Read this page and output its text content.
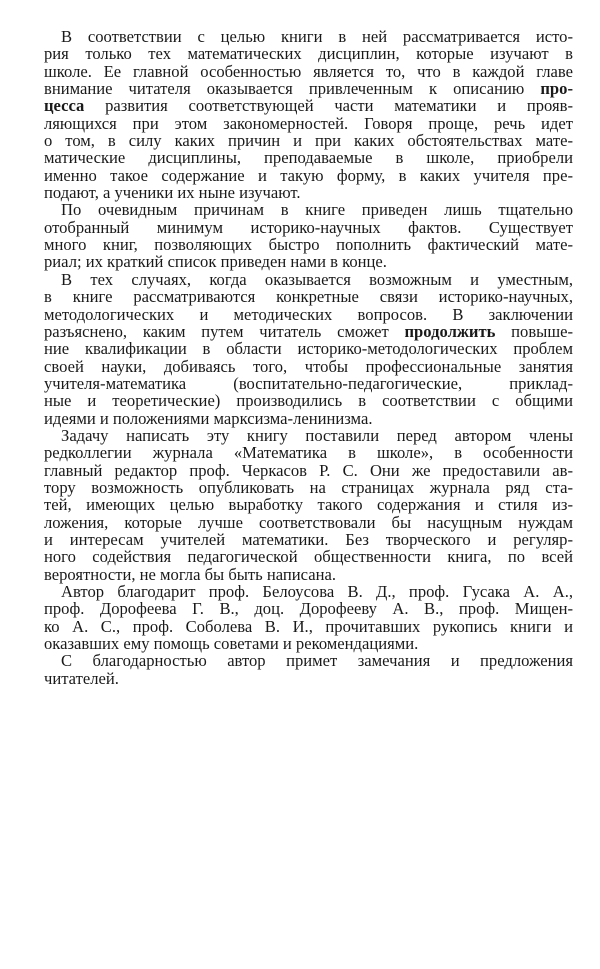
В соответствии с целью книги в ней рассматривается исто-
рия только тех математических дисциплин, которые изучают в
школе. Ее главной особенностью является то, что в каждой главе
внимание читателя оказывается привлеченным к описанию про-
цесса развития соответствующей части математики и прояв-
ляющихся при этом закономерностей. Говоря проще, речь идет
о том, в силу каких причин и при каких обстоятельствах мате-
матические дисциплины, преподаваемые в школе, приобрели
именно такое содержание и такую форму, в каких учителя пре-
подают, а ученики их ныне изучают.
По очевидным причинам в книге приведен лишь тщательно
отобранный минимум историко-научных фактов. Существует
много книг, позволяющих быстро пополнить фактический мате-
риал; их краткий список приведен нами в конце.
В тех случаях, когда оказывается возможным и уместным,
в книге рассматриваются конкретные связи историко-научных,
методологических и методических вопросов. В заключении
разъяснено, каким путем читатель сможет продолжить повыше-
ние квалификации в области историко-методологических проблем
своей науки, добиваясь того, чтобы профессиональные занятия
учителя-математика (воспитательно-педагогические, приклад-
ные и теоретические) производились в соответствии с общими
идеями и положениями марксизма-ленинизма.
Задачу написать эту книгу поставили перед автором члены
редколлегии журнала «Математика в школе», в особенности
главный редактор проф. Черкасов Р. С. Они же предоставили ав-
тору возможность опубликовать на страницах журнала ряд ста-
тей, имеющих целью выработку такого содержания и стиля из-
ложения, которые лучше соответствовали бы насущным нуждам
и интересам учителей математики. Без творческого и регуляр-
ного содействия педагогической общественности книга, по всей
вероятности, не могла бы быть написана.
Автор благодарит проф. Белоусова В. Д., проф. Гусака А. А.,
проф. Дорофеева Г. В., доц. Дорофееву А. В., проф. Мищен-
ко А. С., проф. Соболева В. И., прочитавших рукопись книги и
оказавших ему помощь советами и рекомендациями.
С благодарностью автор примет замечания и предложения
читателей.
